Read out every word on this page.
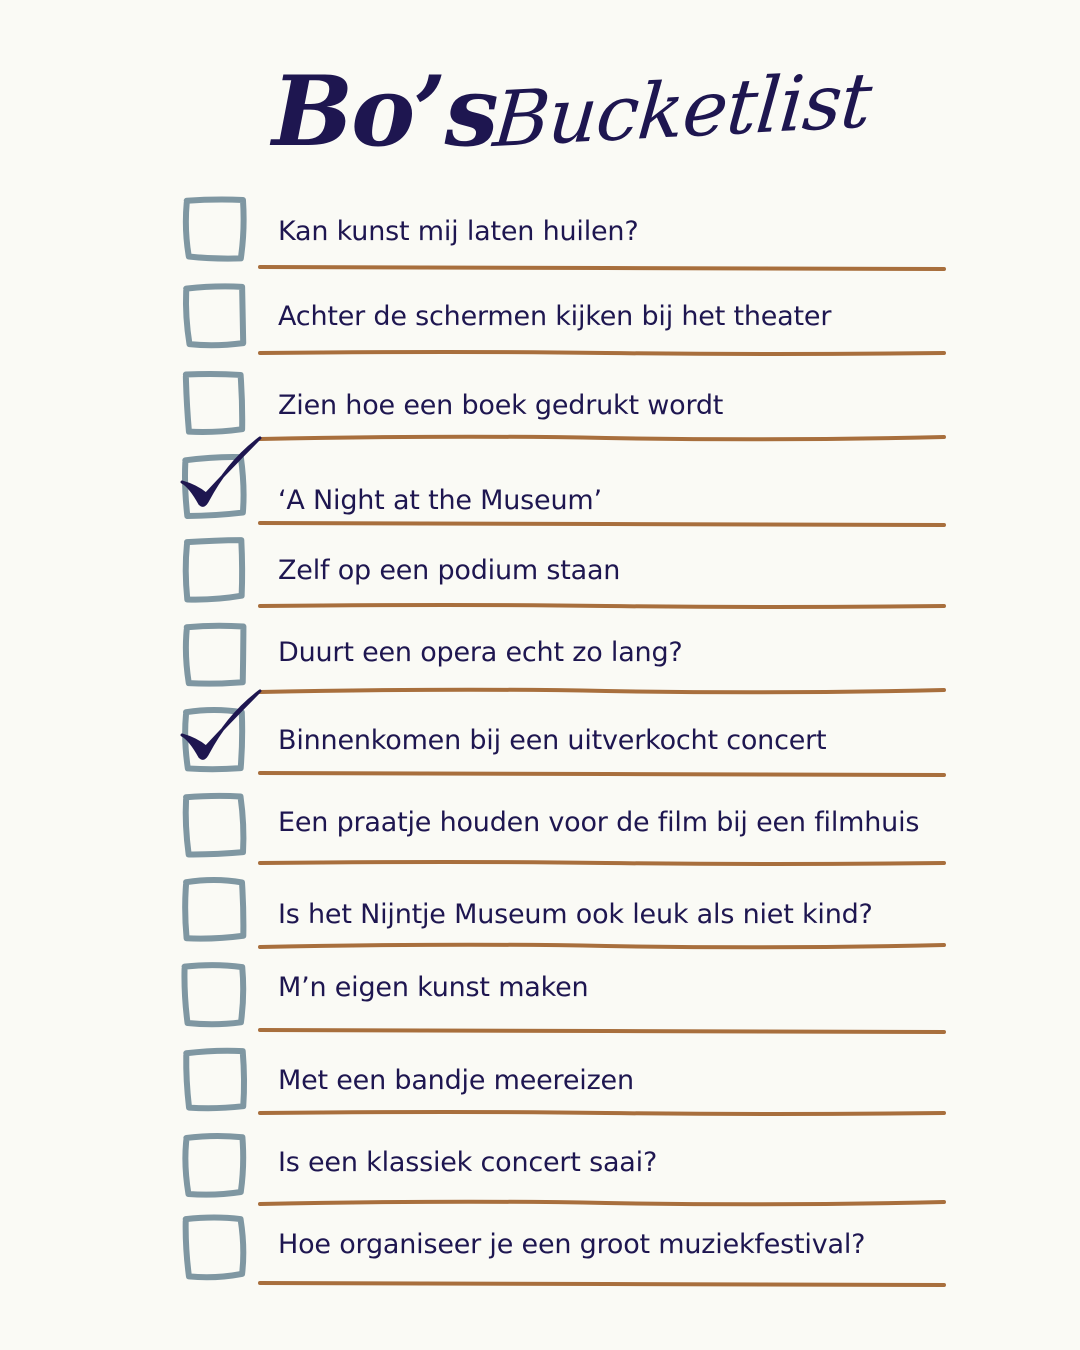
Bo’s
Bucketlist
Kan kunst mij laten huilen?
Achter de schermen kijken bij het theater
Zien hoe een boek gedrukt wordt
‘A Night at the Museum’
Zelf op een podium staan
Duurt een opera echt zo lang?
Binnenkomen bij een uitverkocht concert
Een praatje houden voor de film bij een filmhuis
Is het Nijntje Museum ook leuk als niet kind?
M’n eigen kunst maken
Met een bandje meereizen
Is een klassiek concert saai?
Hoe organiseer je een groot muziekfestival?
